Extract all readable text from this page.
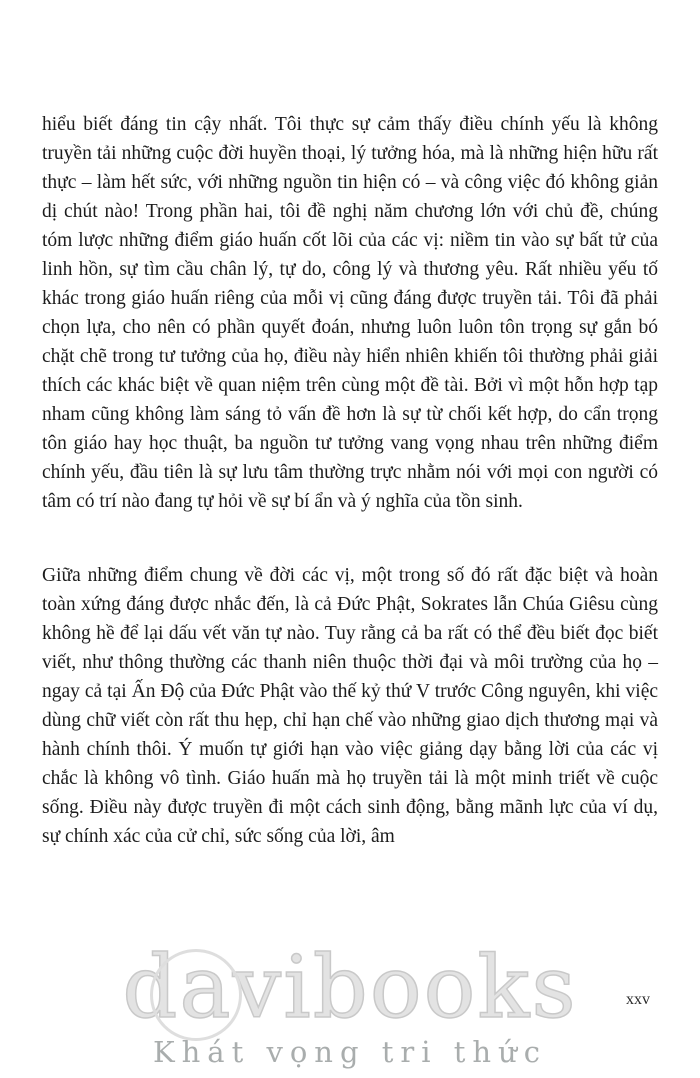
hiểu biết đáng tin cậy nhất. Tôi thực sự cảm thấy điều chính yếu là không truyền tải những cuộc đời huyền thoại, lý tưởng hóa, mà là những hiện hữu rất thực – làm hết sức, với những nguồn tin hiện có – và công việc đó không giản dị chút nào! Trong phần hai, tôi đề nghị năm chương lớn với chủ đề, chúng tóm lược những điểm giáo huấn cốt lõi của các vị: niềm tin vào sự bất tử của linh hồn, sự tìm cầu chân lý, tự do, công lý và thương yêu. Rất nhiều yếu tố khác trong giáo huấn riêng của mỗi vị cũng đáng được truyền tải. Tôi đã phải chọn lựa, cho nên có phần quyết đoán, nhưng luôn luôn tôn trọng sự gắn bó chặt chẽ trong tư tưởng của họ, điều này hiển nhiên khiến tôi thường phải giải thích các khác biệt về quan niệm trên cùng một đề tài. Bởi vì một hỗn hợp tạp nham cũng không làm sáng tỏ vấn đề hơn là sự từ chối kết hợp, do cẩn trọng tôn giáo hay học thuật, ba nguồn tư tưởng vang vọng nhau trên những điểm chính yếu, đầu tiên là sự lưu tâm thường trực nhằm nói với mọi con người có tâm có trí nào đang tự hỏi về sự bí ẩn và ý nghĩa của tồn sinh.

Giữa những điểm chung về đời các vị, một trong số đó rất đặc biệt và hoàn toàn xứng đáng được nhắc đến, là cả Đức Phật, Sokrates lẫn Chúa Giêsu cùng không hề để lại dấu vết văn tự nào. Tuy rằng cả ba rất có thể đều biết đọc biết viết, như thông thường các thanh niên thuộc thời đại và môi trường của họ – ngay cả tại Ấn Độ của Đức Phật vào thế kỷ thứ V trước Công nguyên, khi việc dùng chữ viết còn rất thu hẹp, chỉ hạn chế vào những giao dịch thương mại và hành chính thôi. Ý muốn tự giới hạn vào việc giảng dạy bằng lời của các vị chắc là không vô tình. Giáo huấn mà họ truyền tải là một minh triết về cuộc sống. Điều này được truyền đi một cách sinh động, bằng mãnh lực của ví dụ, sự chính xác của cử chỉ, sức sống của lời, âm

davibooks
Khát vọng tri thức
xxv
